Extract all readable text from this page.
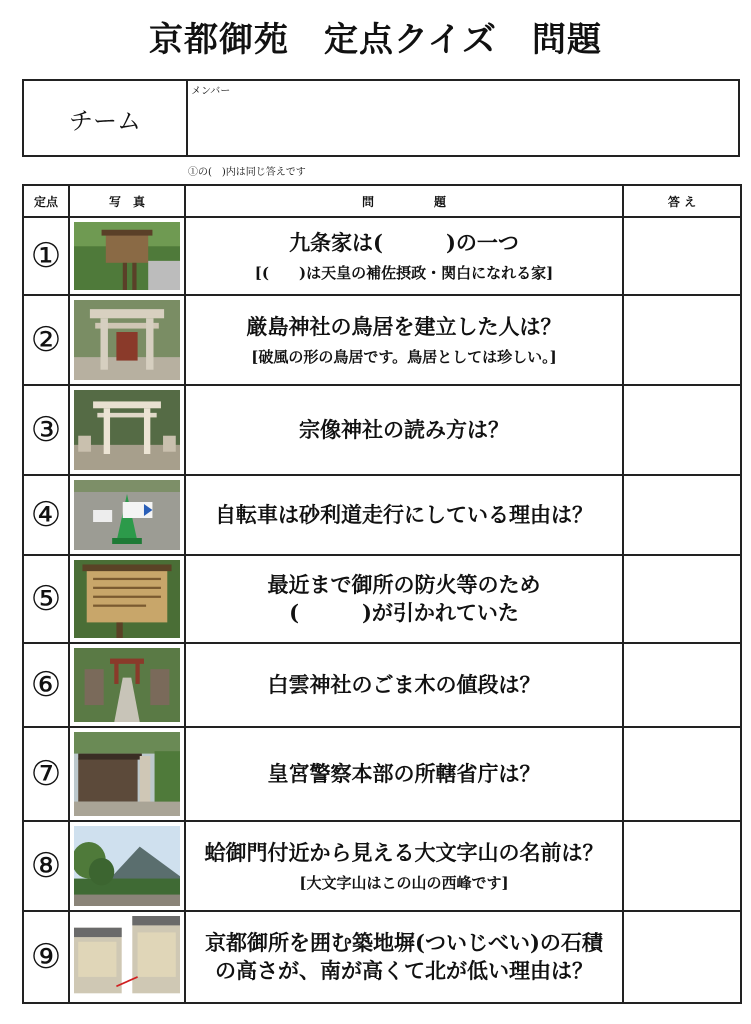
京都御苑　定点クイズ　問題
チーム
メンバー
①の(　)内は同じ答えです
定点	写　真	問　　　　　題	答 え
①		九条家は(　　　)の一つ
[(　　)は天皇の補佐摂政・関白になれる家]	

②		厳島神社の鳥居を建立した人は？
[破風の形の鳥居です。鳥居としては珍しい。]	

③		宗像神社の読み方は？	

④		自転車は砂利道走行にしている理由は？	

⑤		最近まで御所の防火等のため
(　　　)が引かれていた	

⑥		白雲神社のごま木の値段は？	

⑦		皇宮警察本部の所轄省庁は？	

⑧		蛤御門付近から見える大文字山の名前は？
[大文字山はこの山の西峰です]	

⑨		京都御所を囲む築地塀(ついじべい)の石積
の高さが、南が高くて北が低い理由は？	
